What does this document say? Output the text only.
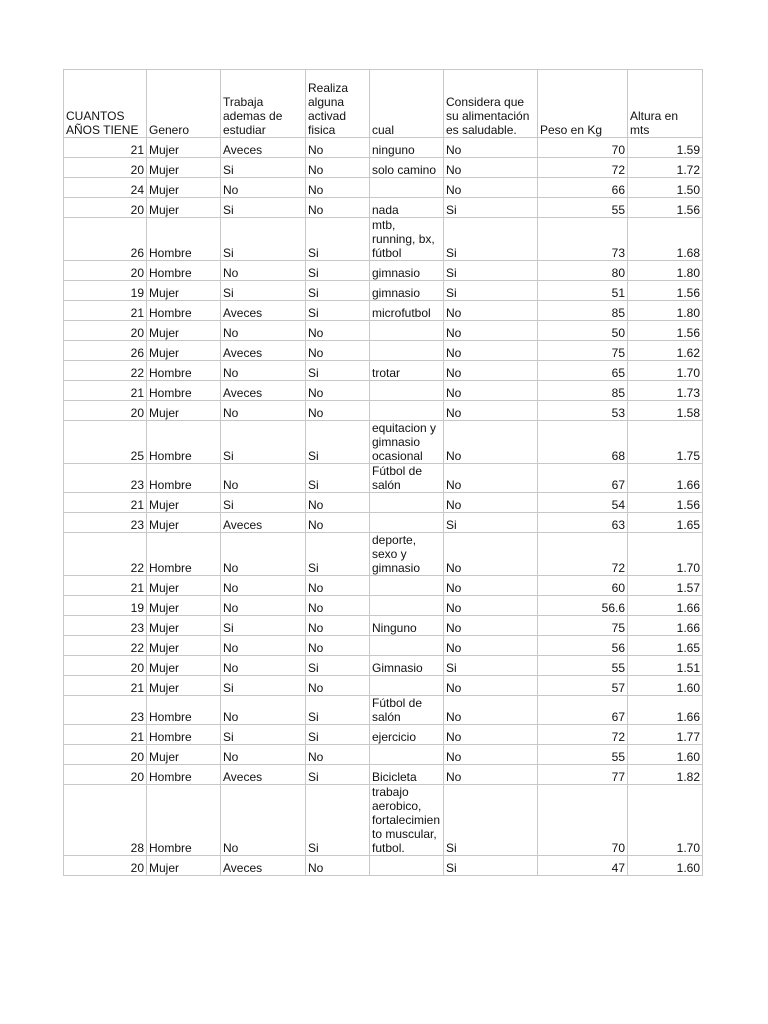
CUANTOS AÑOS TIENE	Genero	Trabaja ademas de estudiar	Realiza alguna activad fisica	cual	Considera que su alimentación es saludable.	Peso en Kg	Altura en mts
21	Mujer	Aveces	No	ninguno	No	70	1.59
20	Mujer	Si	No	solo camino	No	72	1.72
24	Mujer	No	No		No	66	1.50
20	Mujer	Si	No	nada	Si	55	1.56
26	Hombre	Si	Si	mtb, running, bx, fútbol	Si	73	1.68
20	Hombre	No	Si	gimnasio	Si	80	1.80
19	Mujer	Si	Si	gimnasio	Si	51	1.56
21	Hombre	Aveces	Si	microfutbol	No	85	1.80
20	Mujer	No	No		No	50	1.56
26	Mujer	Aveces	No		No	75	1.62
22	Hombre	No	Si	trotar	No	65	1.70
21	Hombre	Aveces	No		No	85	1.73
20	Mujer	No	No		No	53	1.58
25	Hombre	Si	Si	equitacion y gimnasio ocasional	No	68	1.75
23	Hombre	No	Si	Fútbol de salón	No	67	1.66
21	Mujer	Si	No		No	54	1.56
23	Mujer	Aveces	No		Si	63	1.65
22	Hombre	No	Si	deporte, sexo y gimnasio	No	72	1.70
21	Mujer	No	No		No	60	1.57
19	Mujer	No	No		No	56.6	1.66
23	Mujer	Si	No	Ninguno	No	75	1.66
22	Mujer	No	No		No	56	1.65
20	Mujer	No	Si	Gimnasio	Si	55	1.51
21	Mujer	Si	No		No	57	1.60
23	Hombre	No	Si	Fútbol de salón	No	67	1.66
21	Hombre	Si	Si	ejercicio	No	72	1.77
20	Mujer	No	No		No	55	1.60
20	Hombre	Aveces	Si	Bicicleta	No	77	1.82
28	Hombre	No	Si	trabajo aerobico, fortalecimiento muscular, futbol.	Si	70	1.70
20	Mujer	Aveces	No		Si	47	1.60
